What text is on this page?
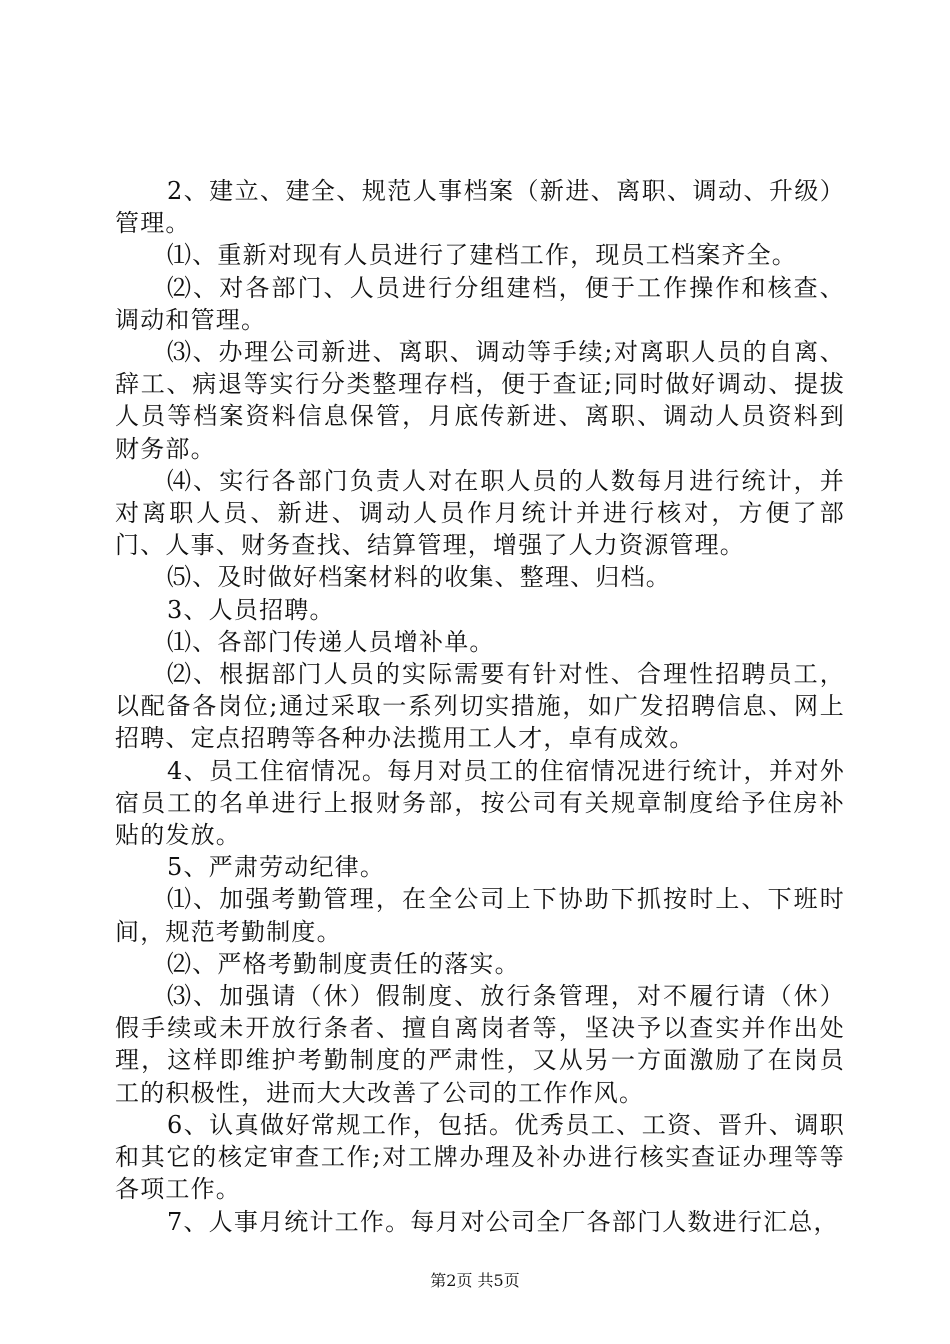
2、建立、建全、规范人事档案（新进、离职、调动、升级）管理。

⑴、重新对现有人员进行了建档工作，现员工档案齐全。

⑵、对各部门、人员进行分组建档，便于工作操作和核查、调动和管理。

⑶、办理公司新进、离职、调动等手续;对离职人员的自离、辞工、病退等实行分类整理存档，便于查证;同时做好调动、提拔人员等档案资料信息保管，月底传新进、离职、调动人员资料到财务部。

⑷、实行各部门负责人对在职人员的人数每月进行统计，并对离职人员、新进、调动人员作月统计并进行核对，方便了部门、人事、财务查找、结算管理，增强了人力资源管理。

⑸、及时做好档案材料的收集、整理、归档。

3、人员招聘。

⑴、各部门传递人员增补单。

⑵、根据部门人员的实际需要有针对性、合理性招聘员工，以配备各岗位;通过采取一系列切实措施，如广发招聘信息、网上招聘、定点招聘等各种办法揽用工人才，卓有成效。

4、员工住宿情况。每月对员工的住宿情况进行统计，并对外宿员工的名单进行上报财务部，按公司有关规章制度给予住房补贴的发放。

5、严肃劳动纪律。

⑴、加强考勤管理，在全公司上下协助下抓按时上、下班时间，规范考勤制度。

⑵、严格考勤制度责任的落实。

⑶、加强请（休）假制度、放行条管理，对不履行请（休）假手续或未开放行条者、擅自离岗者等，坚决予以查实并作出处理，这样即维护考勤制度的严肃性，又从另一方面激励了在岗员工的积极性，进而大大改善了公司的工作作风。

6、认真做好常规工作，包括。优秀员工、工资、晋升、调职和其它的核定审查工作;对工牌办理及补办进行核实查证办理等等各项工作。

7、人事月统计工作。每月对公司全厂各部门人数进行汇总，

第2页 共5页
